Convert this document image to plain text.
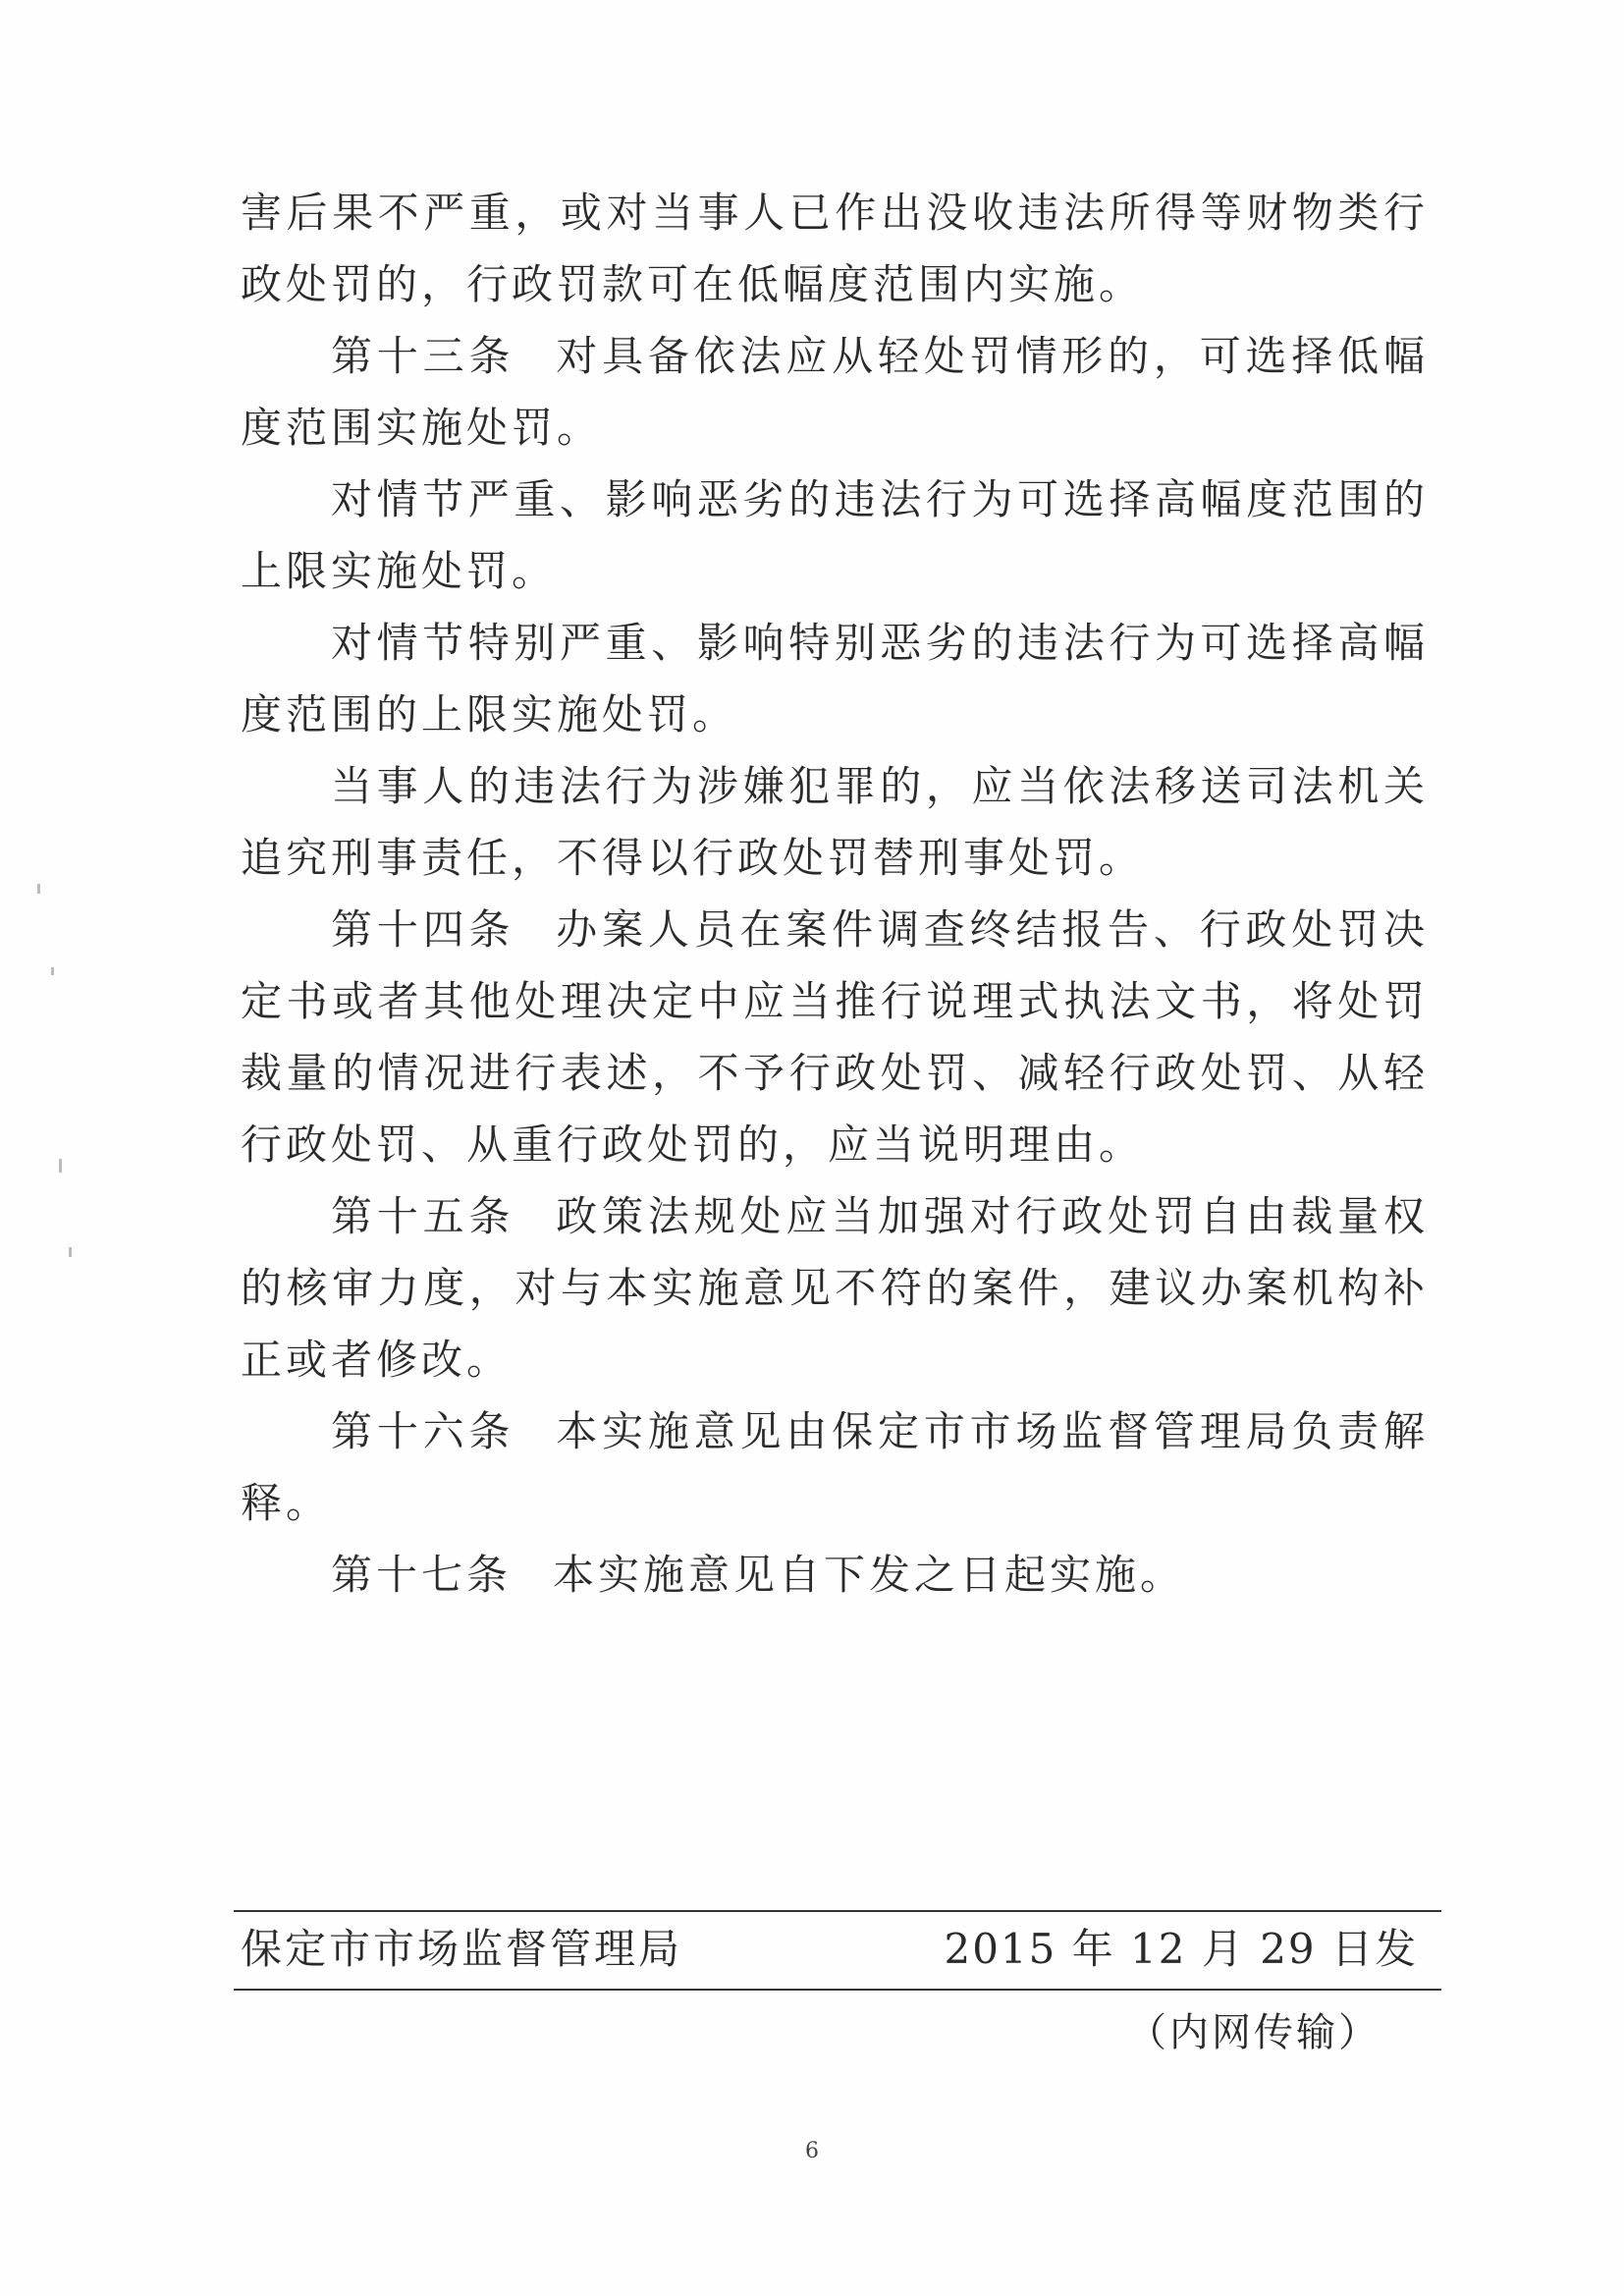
害后果不严重，或对当事人已作出没收违法所得等财物类行政处罚的，行政罚款可在低幅度范围内实施。

第十三条 对具备依法应从轻处罚情形的，可选择低幅度范围实施处罚。

对情节严重、影响恶劣的违法行为可选择高幅度范围的上限实施处罚。

对情节特别严重、影响特别恶劣的违法行为可选择高幅度范围的上限实施处罚。

当事人的违法行为涉嫌犯罪的，应当依法移送司法机关追究刑事责任，不得以行政处罚替刑事处罚。

第十四条 办案人员在案件调查终结报告、行政处罚决定书或者其他处理决定中应当推行说理式执法文书，将处罚裁量的情况进行表述，不予行政处罚、减轻行政处罚、从轻行政处罚、从重行政处罚的，应当说明理由。

第十五条 政策法规处应当加强对行政处罚自由裁量权的核审力度，对与本实施意见不符的案件，建议办案机构补正或者修改。

第十六条 本实施意见由保定市市场监督管理局负责解释。

第十七条 本实施意见自下发之日起实施。

保定市市场监督管理局	2015 年 12 月 29 日发
（内网传输）
6
